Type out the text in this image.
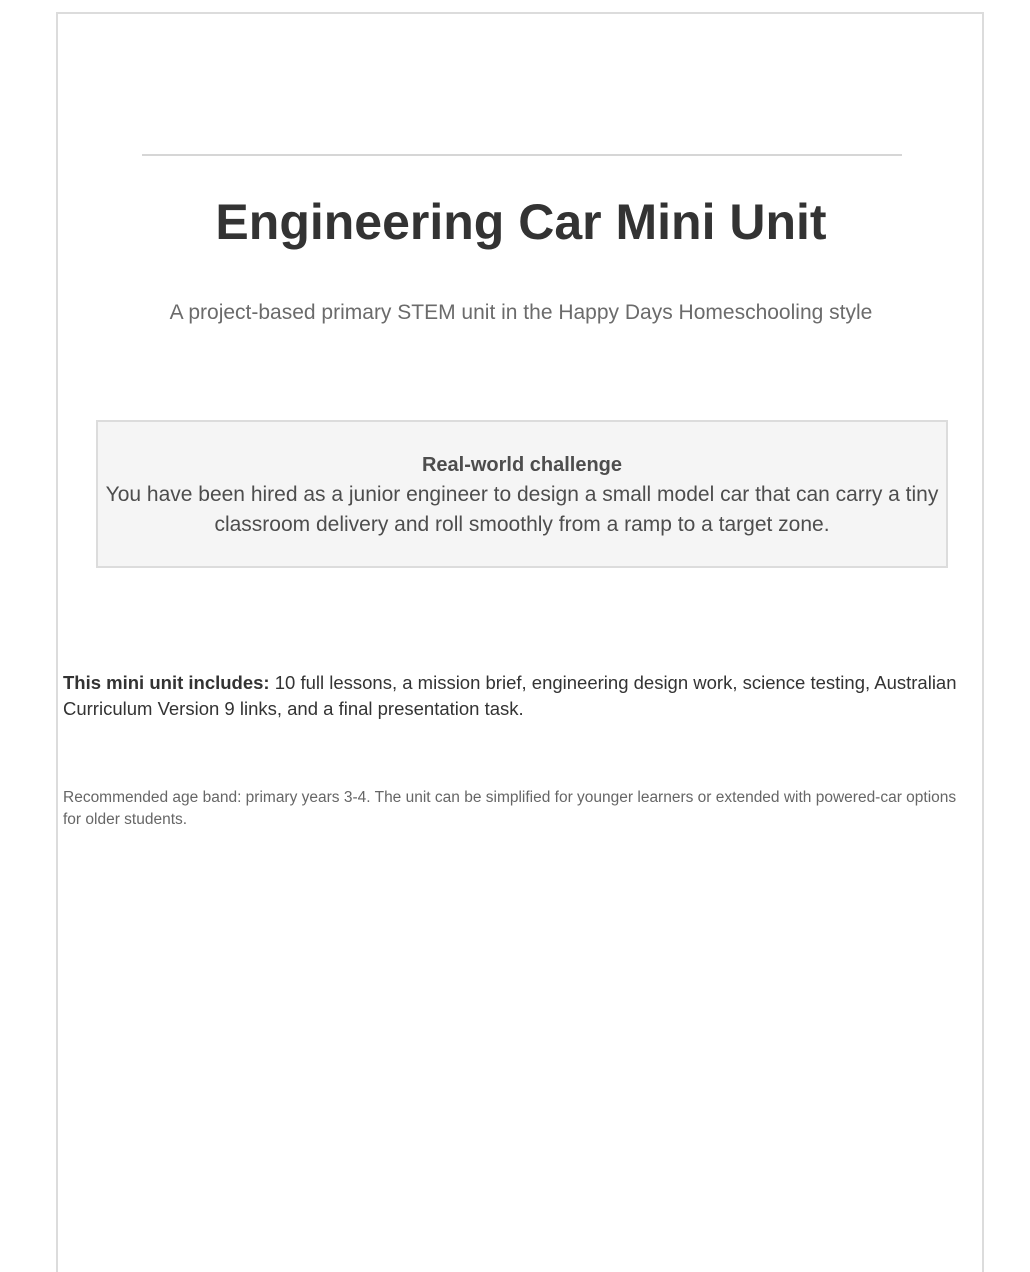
Engineering Car Mini Unit

A project-based primary STEM unit in the Happy Days Homeschooling style

Real-world challenge
You have been hired as a junior engineer to design a small model car that can carry a tiny classroom delivery and roll smoothly from a ramp to a target zone.

This mini unit includes: 10 full lessons, a mission brief, engineering design work, science testing, Australian Curriculum Version 9 links, and a final presentation task.

Recommended age band: primary years 3-4. The unit can be simplified for younger learners or extended with powered-car options for older students.
